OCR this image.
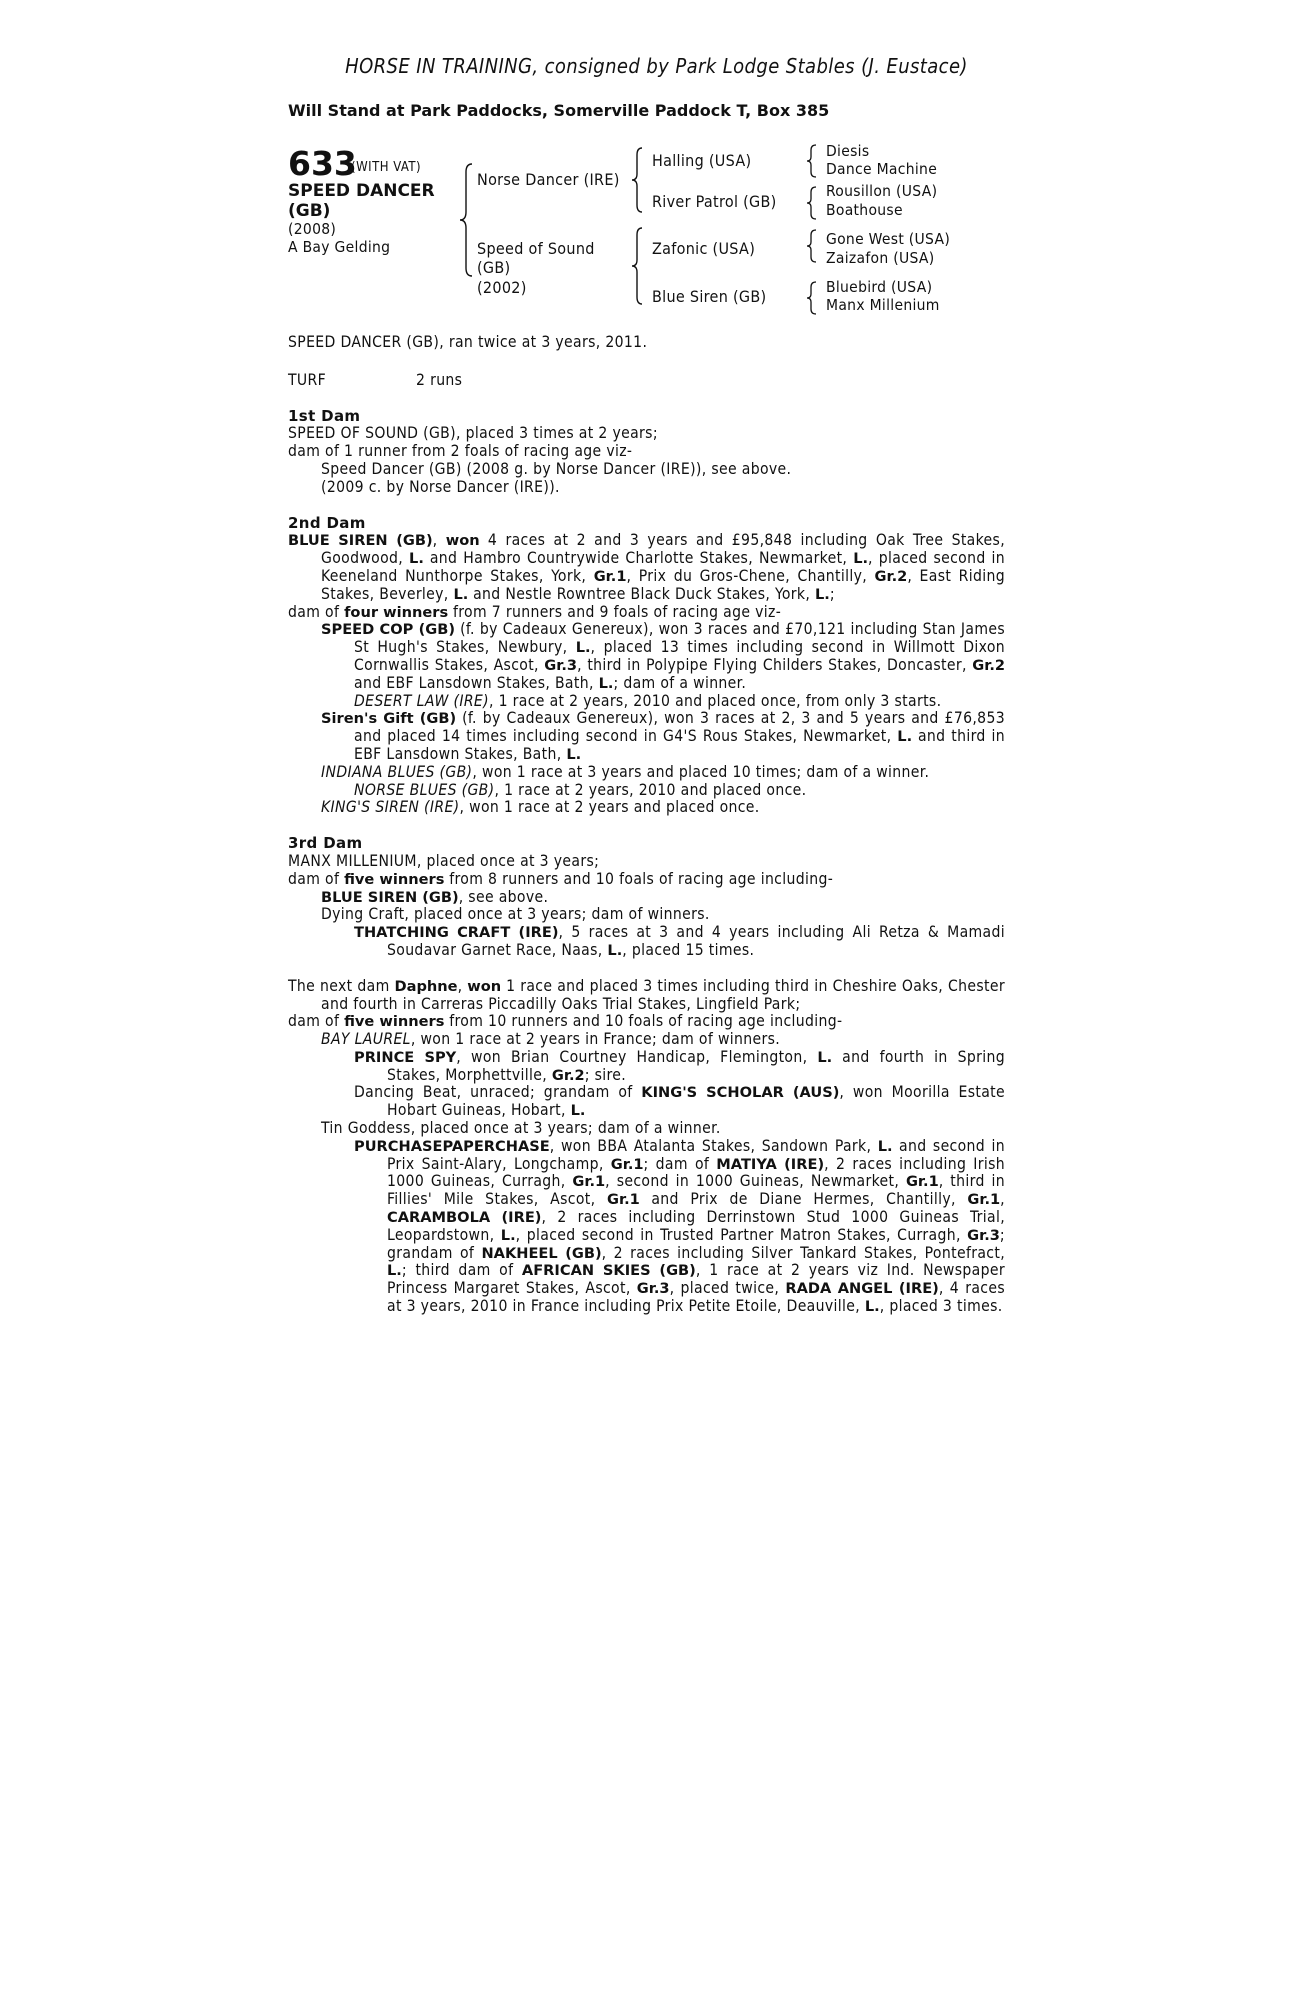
HORSE IN TRAINING, consigned by Park Lodge Stables (J. Eustace)
Will Stand at Park Paddocks, Somerville Paddock T, Box 385
633
(WITH VAT)
SPEED DANCER
(GB)
(2008)
A Bay Gelding
Norse Dancer (IRE)
Speed of Sound
(GB)
(2002)
Halling (USA)
River Patrol (GB)
Zafonic (USA)
Blue Siren (GB)
Diesis
Dance Machine
Rousillon (USA)
Boathouse
Gone West (USA)
Zaizafon (USA)
Bluebird (USA)
Manx Millenium

SPEED DANCER (GB), ran twice at 3 years, 2011.

TURF	2 runs

1st Dam

SPEED OF SOUND (GB), placed 3 times at 2 years;

dam of 1 runner from 2 foals of racing age viz-

Speed Dancer (GB) (2008 g. by Norse Dancer (IRE)), see above.

(2009 c. by Norse Dancer (IRE)).

2nd Dam

BLUE SIREN (GB), won 4 races at 2 and 3 years and £95,848 including Oak Tree Stakes, Goodwood, L. and Hambro Countrywide Charlotte Stakes, Newmarket, L., placed second in Keeneland Nunthorpe Stakes, York, Gr.1, Prix du Gros-Chene, Chantilly, Gr.2, East Riding Stakes, Beverley, L. and Nestle Rowntree Black Duck Stakes, York, L.;

dam of four winners from 7 runners and 9 foals of racing age viz-

SPEED COP (GB) (f. by Cadeaux Genereux), won 3 races and £70,121 including Stan James St Hugh's Stakes, Newbury, L., placed 13 times including second in Willmott Dixon Cornwallis Stakes, Ascot, Gr.3, third in Polypipe Flying Childers Stakes, Doncaster, Gr.2 and EBF Lansdown Stakes, Bath, L.; dam of a winner.

DESERT LAW (IRE), 1 race at 2 years, 2010 and placed once, from only 3 starts.

Siren's Gift (GB) (f. by Cadeaux Genereux), won 3 races at 2, 3 and 5 years and £76,853 and placed 14 times including second in G4'S Rous Stakes, Newmarket, L. and third in EBF Lansdown Stakes, Bath, L.

INDIANA BLUES (GB), won 1 race at 3 years and placed 10 times; dam of a winner.

NORSE BLUES (GB), 1 race at 2 years, 2010 and placed once.

KING'S SIREN (IRE), won 1 race at 2 years and placed once.

3rd Dam

MANX MILLENIUM, placed once at 3 years;

dam of five winners from 8 runners and 10 foals of racing age including-

BLUE SIREN (GB), see above.

Dying Craft, placed once at 3 years; dam of winners.

THATCHING CRAFT (IRE), 5 races at 3 and 4 years including Ali Retza & Mamadi Soudavar Garnet Race, Naas, L., placed 15 times.

The next dam Daphne, won 1 race and placed 3 times including third in Cheshire Oaks, Chester and fourth in Carreras Piccadilly Oaks Trial Stakes, Lingfield Park;

dam of five winners from 10 runners and 10 foals of racing age including-

BAY LAUREL, won 1 race at 2 years in France; dam of winners.

PRINCE SPY, won Brian Courtney Handicap, Flemington, L. and fourth in Spring Stakes, Morphettville, Gr.2; sire.

Dancing Beat, unraced; grandam of KING'S SCHOLAR (AUS), won Moorilla Estate Hobart Guineas, Hobart, L.

Tin Goddess, placed once at 3 years; dam of a winner.

PURCHASEPAPERCHASE, won BBA Atalanta Stakes, Sandown Park, L. and second in Prix Saint-Alary, Longchamp, Gr.1; dam of MATIYA (IRE), 2 races including Irish 1000 Guineas, Curragh, Gr.1, second in 1000 Guineas, Newmarket, Gr.1, third in Fillies' Mile Stakes, Ascot, Gr.1 and Prix de Diane Hermes, Chantilly, Gr.1, CARAMBOLA (IRE), 2 races including Derrinstown Stud 1000 Guineas Trial, Leopardstown, L., placed second in Trusted Partner Matron Stakes, Curragh, Gr.3; grandam of NAKHEEL (GB), 2 races including Silver Tankard Stakes, Pontefract, L.; third dam of AFRICAN SKIES (GB), 1 race at 2 years viz Ind. Newspaper Princess Margaret Stakes, Ascot, Gr.3, placed twice, RADA ANGEL (IRE), 4 races at 3 years, 2010 in France including Prix Petite Etoile, Deauville, L., placed 3 times.
